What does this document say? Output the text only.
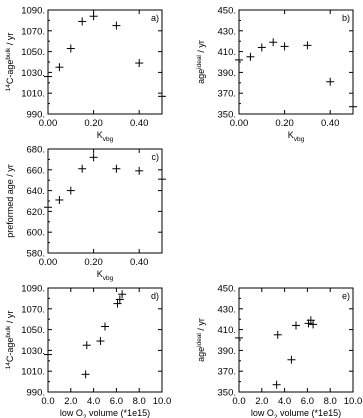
990.
1010.
1030.
1050.
1070.
1090.
0.00	0.20	0.40
a)
$K_{vbg}$
$^{14}$C-age$^{bulk}$ / yr
350.
370.
390.
410.
430.
450.
0.00	0.20	0.40
b)
$K_{vbg}$
age$^{ideal}$ / yr
580.
600.
620.
640.
660.
680.
0.00	0.20	0.40
c)
$K_{vbg}$
preformed age / yr
990.
1010.
1030.
1050.
1070.
1090.
0.0 2.0 4.0 6.0 8.0 10.0
d)
low $O_2$ volume (*1e15)
$^{14}$C-age$^{bulk}$ / yr
350.
370.
390.
410.
430.
450.
0.0 2.0 4.0 6.0 8.0 10.0
e)
low $O_2$ volume (*1e15)
age$^{ideal}$ / yr
